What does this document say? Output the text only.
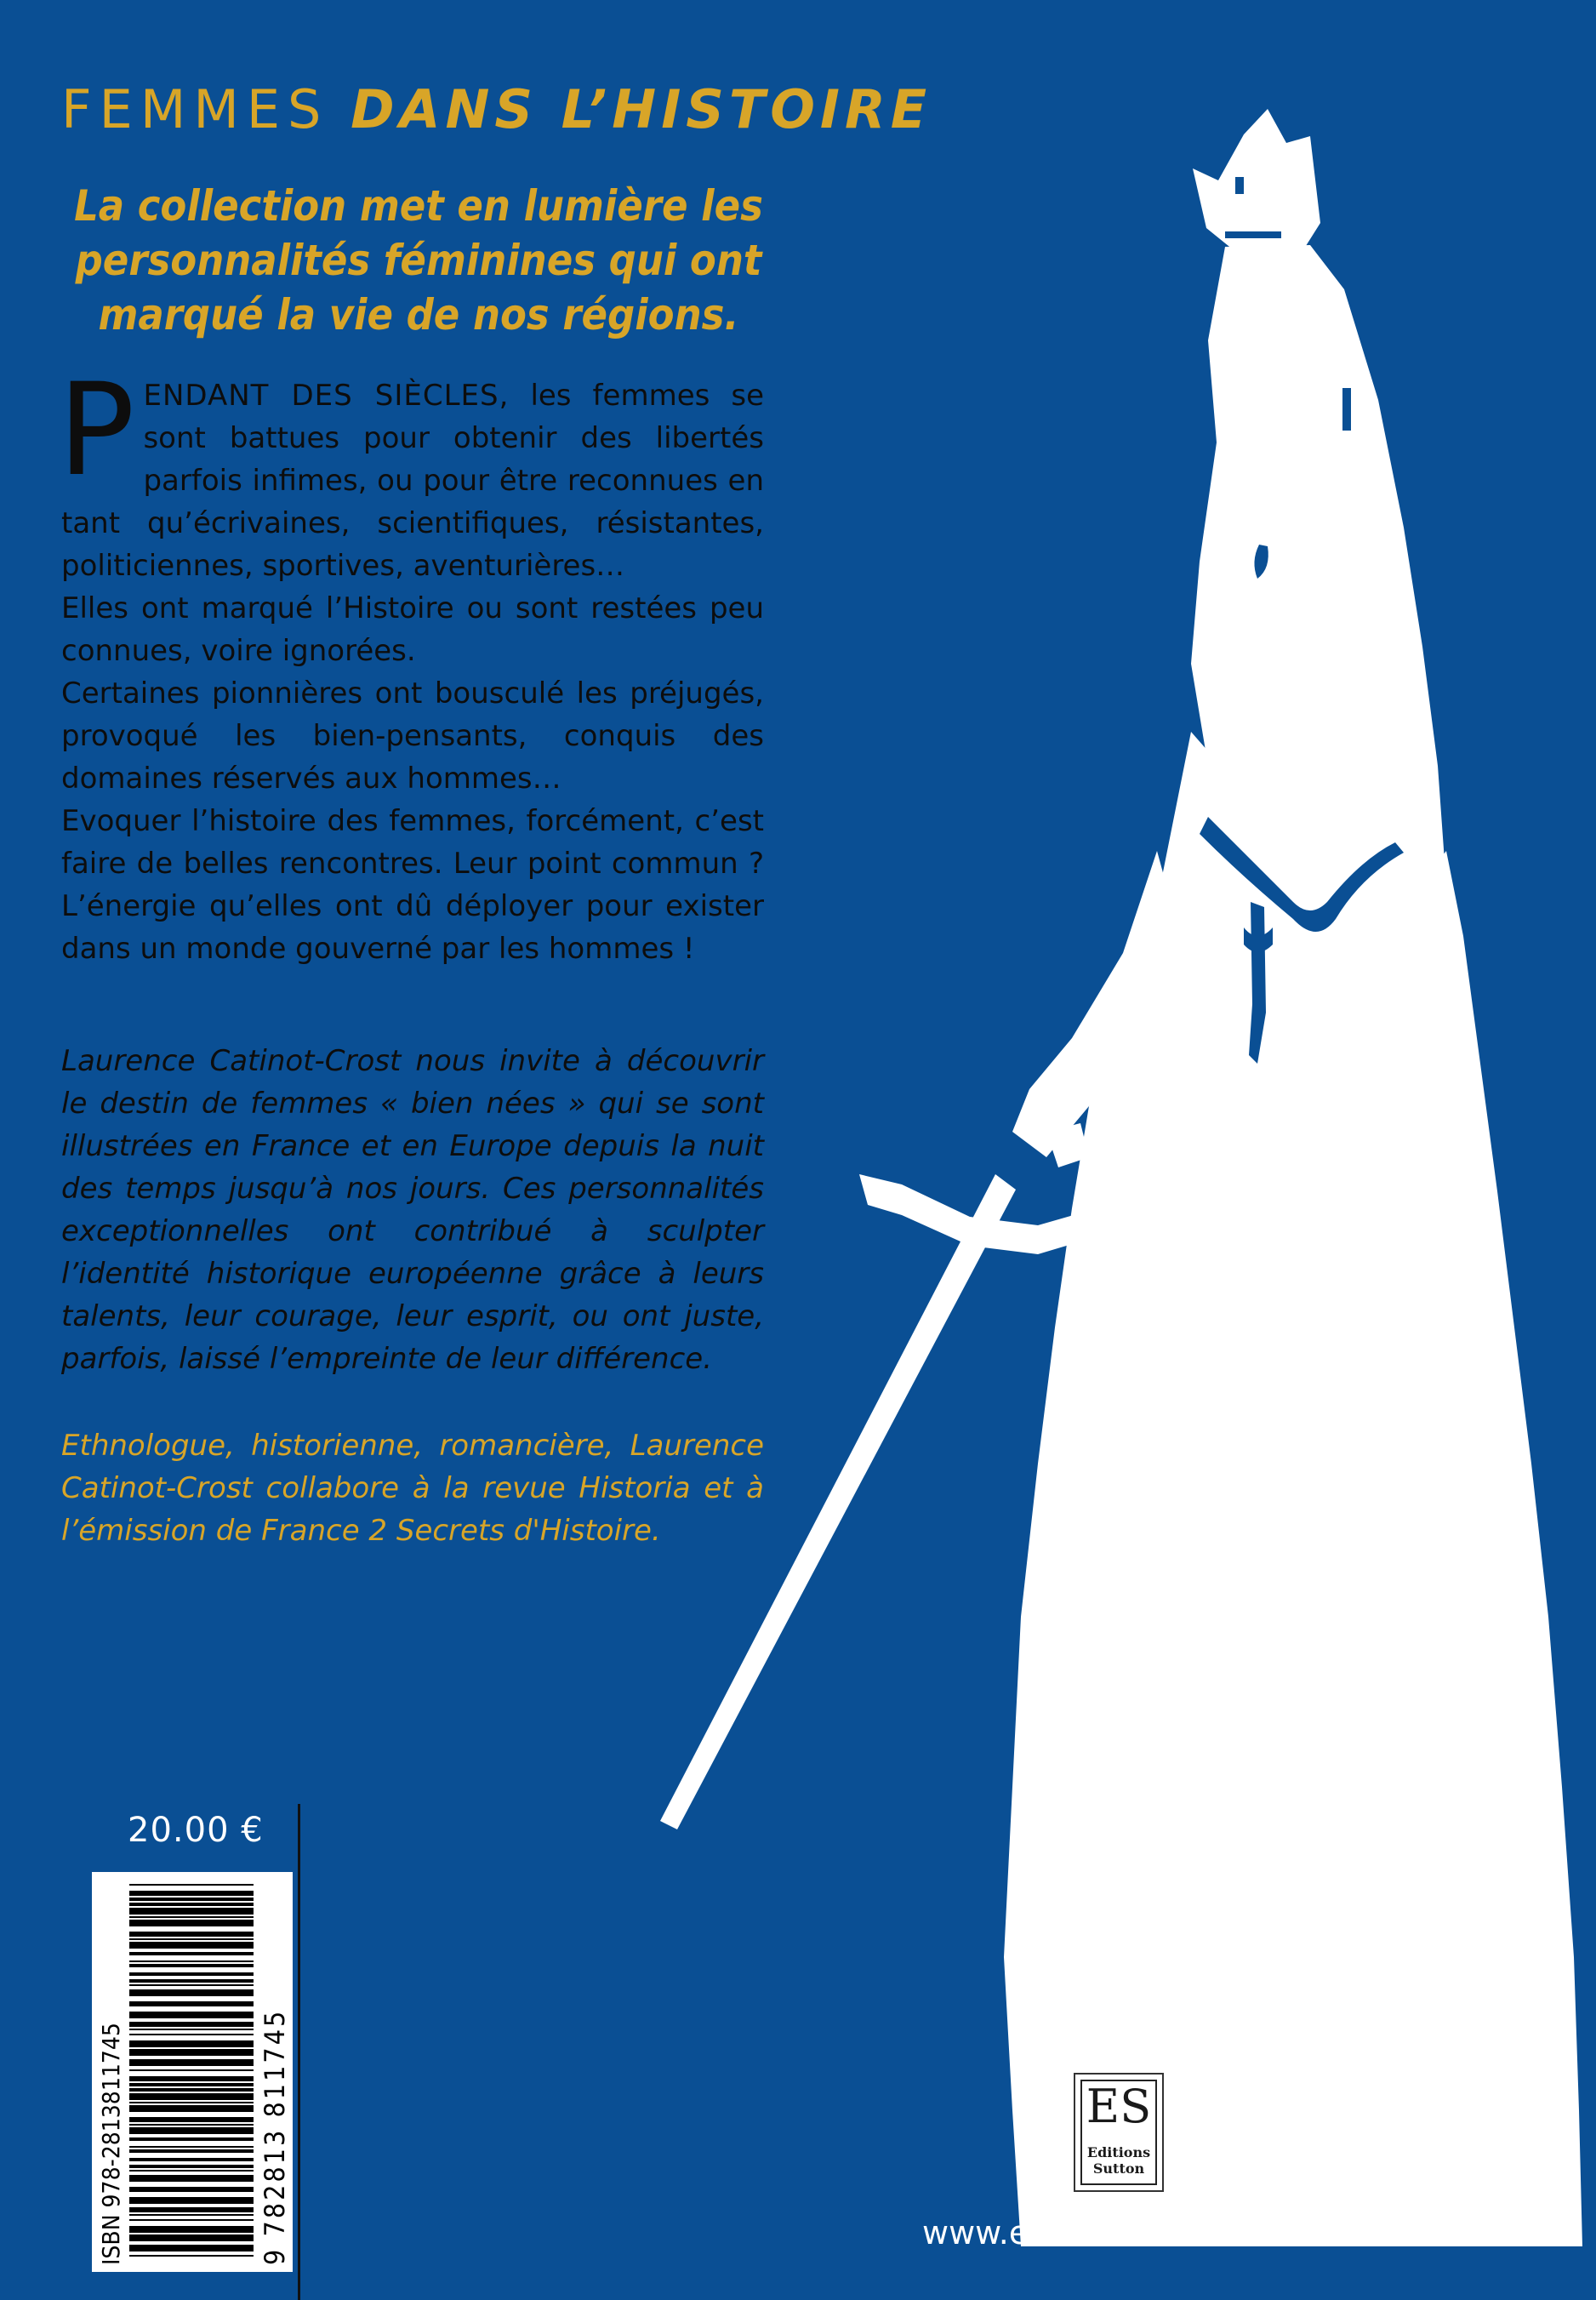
FEMMES DANS L’HISTOIRE
La collection met en lumière les personnalités féminines qui ont marqué la vie de nos régions.

PENDANT DES SIÈCLES, les femmes se sont battues pour obtenir des libertés parfois infimes, ou pour être reconnues en tant qu’écrivaines, scientifiques, résistantes, politiciennes, sportives, aventurières…

Elles ont marqué l’Histoire ou sont restées peu connues, voire ignorées.

Certaines pionnières ont bousculé les préjugés, provoqué les bien-pensants, conquis des domaines réservés aux hommes…

Evoquer l’histoire des femmes, forcément, c’est faire de belles rencontres. Leur point commun ? L’énergie qu’elles ont dû déployer pour exister dans un monde gouverné par les hommes !

Laurence Catinot-Crost nous invite à découvrir le destin de femmes « bien nées » qui se sont illustrées en France et en Europe depuis la nuit des temps jusqu’à nos jours. Ces personnalités exceptionnelles ont contribué à sculpter l’identité historique européenne grâce à leurs talents, leur courage, leur esprit, ou ont juste, parfois, laissé l’empreinte de leur différence.

Ethnologue, historienne, romancière, Laurence Catinot-Crost collabore à la revue Historia et à l’émission de France 2 Secrets d'Histoire.

20.00 €
ISBN 978-2813811745	9 782813 811745	ES
Editions
Sutton
www.editions-sutton.com
